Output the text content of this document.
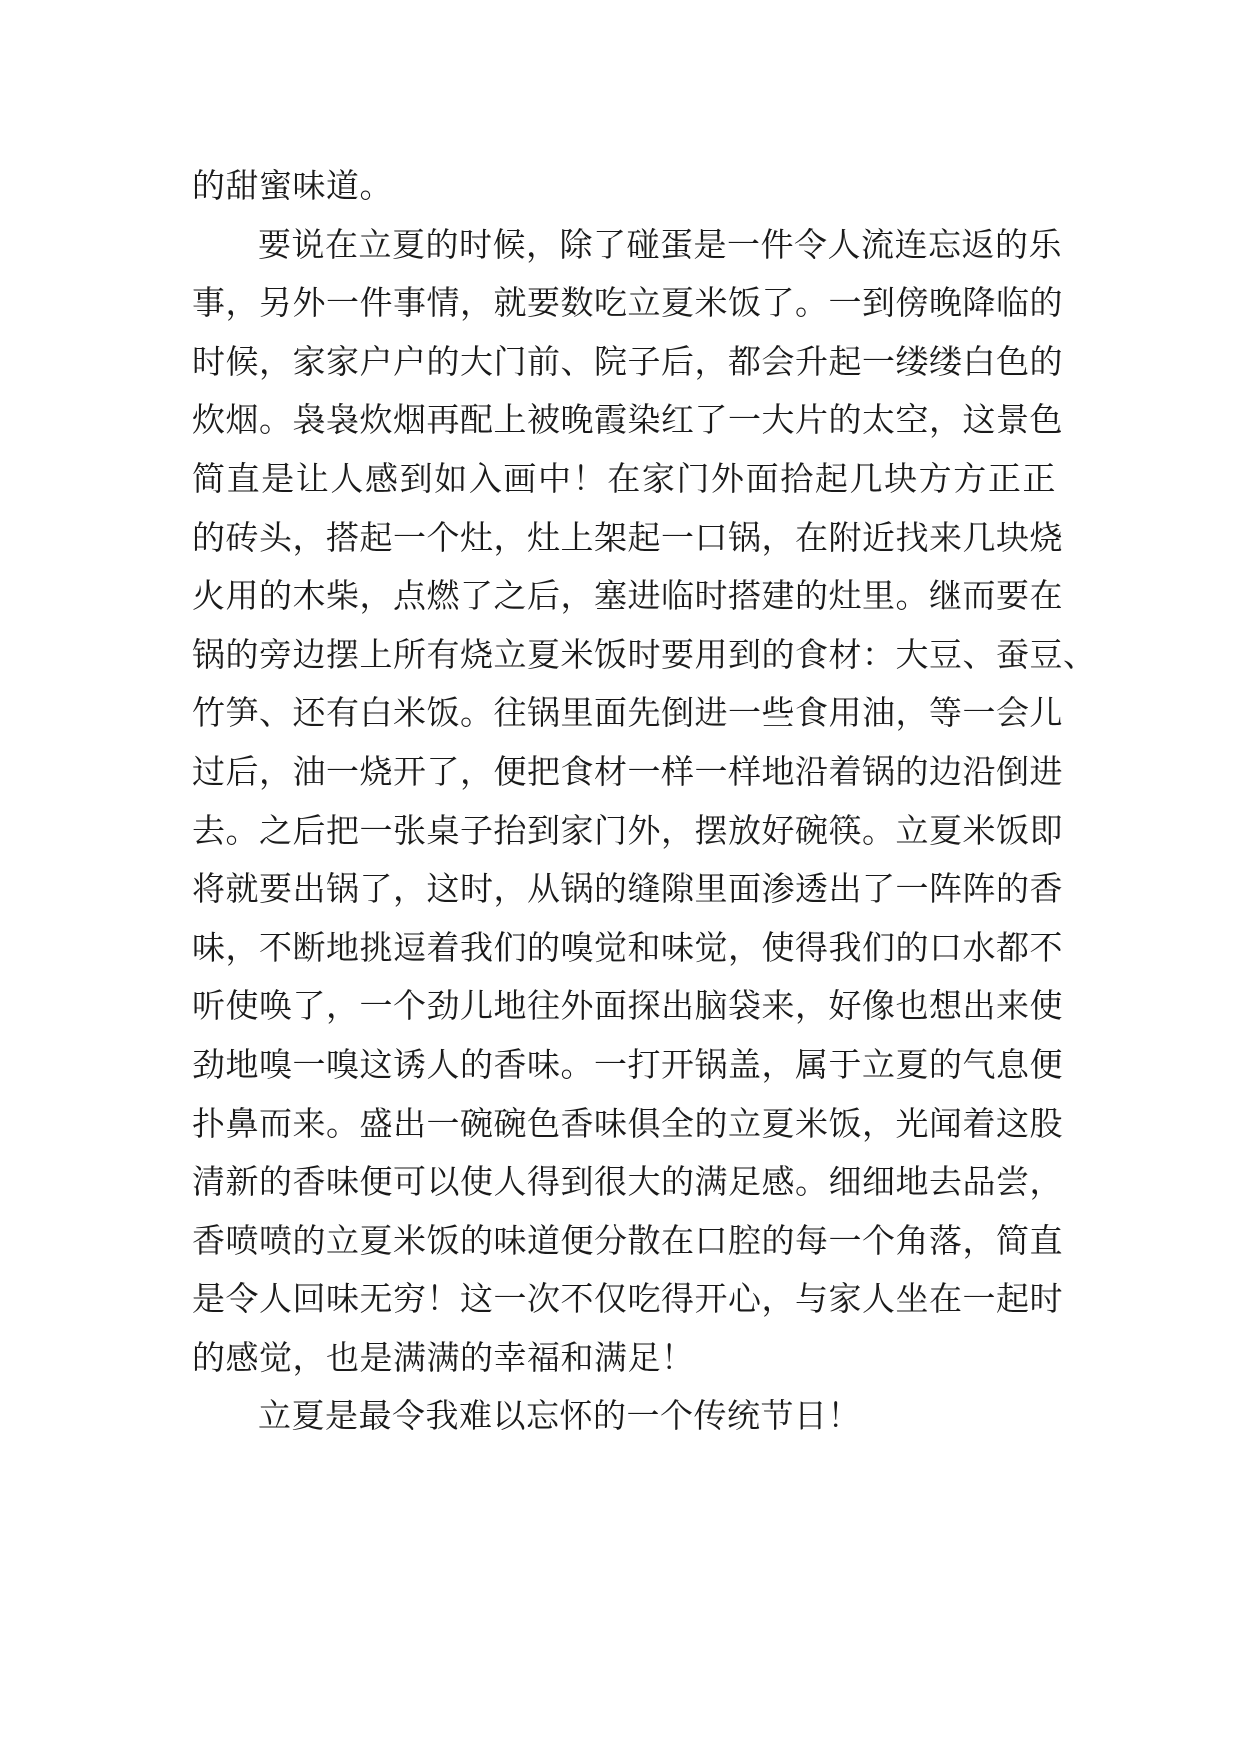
的甜蜜味道。
要说在立夏的时候，除了碰蛋是一件令人流连忘返的乐
事，另外一件事情，就要数吃立夏米饭了。一到傍晚降临的
时候，家家户户的大门前、院子后，都会升起一缕缕白色的
炊烟。袅袅炊烟再配上被晚霞染红了一大片的太空，这景色
简直是让人感到如入画中！在家门外面拾起几块方方正正
的砖头，搭起一个灶，灶上架起一口锅，在附近找来几块烧
火用的木柴，点燃了之后，塞进临时搭建的灶里。继而要在
锅的旁边摆上所有烧立夏米饭时要用到的食材：大豆、蚕豆、
竹笋、还有白米饭。往锅里面先倒进一些食用油，等一会儿
过后，油一烧开了，便把食材一样一样地沿着锅的边沿倒进
去。之后把一张桌子抬到家门外，摆放好碗筷。立夏米饭即
将就要出锅了，这时，从锅的缝隙里面渗透出了一阵阵的香
味，不断地挑逗着我们的嗅觉和味觉，使得我们的口水都不
听使唤了，一个劲儿地往外面探出脑袋来，好像也想出来使
劲地嗅一嗅这诱人的香味。一打开锅盖，属于立夏的气息便
扑鼻而来。盛出一碗碗色香味俱全的立夏米饭，光闻着这股
清新的香味便可以使人得到很大的满足感。细细地去品尝，
香喷喷的立夏米饭的味道便分散在口腔的每一个角落，简直
是令人回味无穷！这一次不仅吃得开心，与家人坐在一起时
的感觉，也是满满的幸福和满足！
立夏是最令我难以忘怀的一个传统节日！
